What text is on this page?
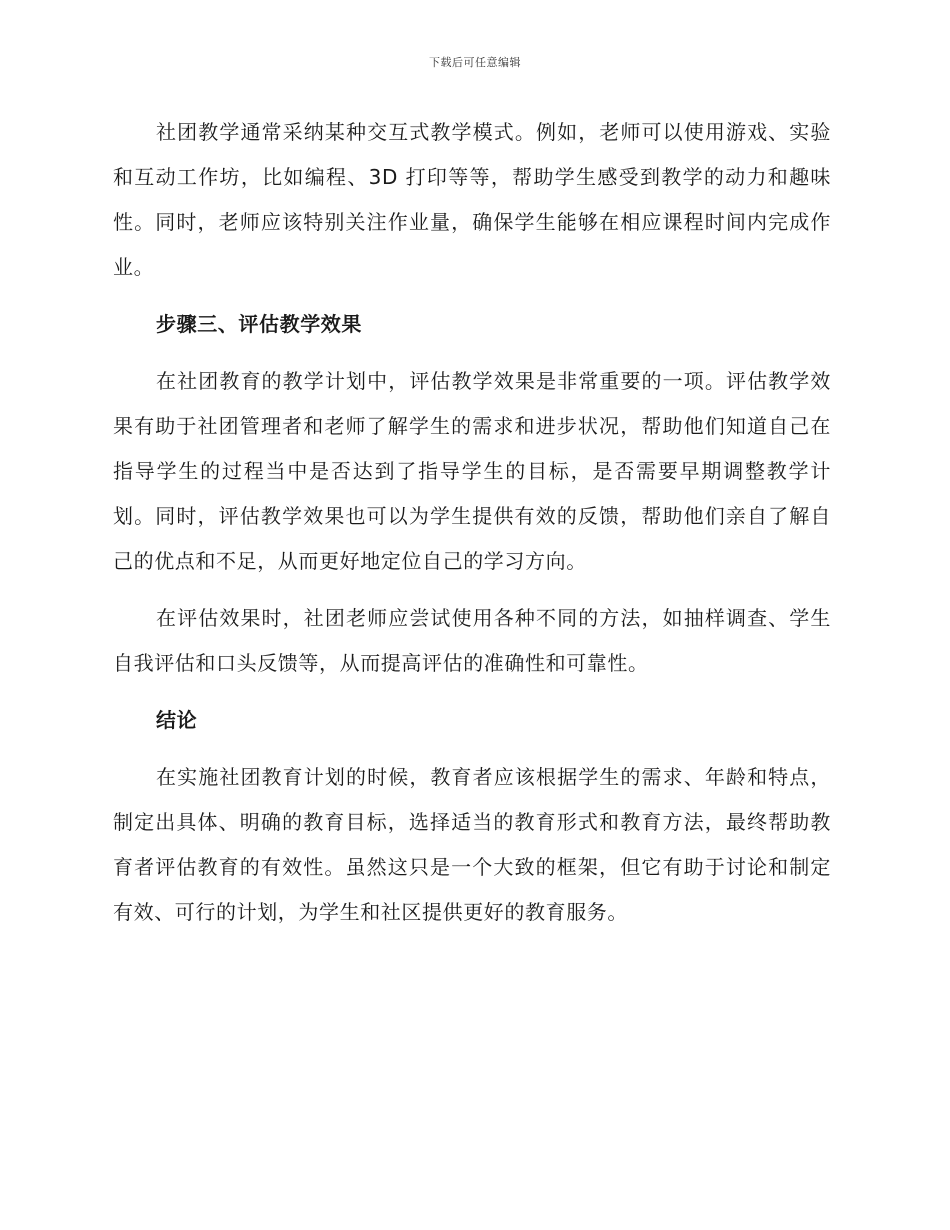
下载后可任意编辑

社团教学通常采纳某种交互式教学模式。例如，老师可以使用游戏、实验和互动工作坊，比如编程、3D 打印等等，帮助学生感受到教学的动力和趣味性。同时，老师应该特别关注作业量，确保学生能够在相应课程时间内完成作业。

步骤三、评估教学效果

在社团教育的教学计划中，评估教学效果是非常重要的一项。评估教学效果有助于社团管理者和老师了解学生的需求和进步状况，帮助他们知道自己在指导学生的过程当中是否达到了指导学生的目标，是否需要早期调整教学计划。同时，评估教学效果也可以为学生提供有效的反馈，帮助他们亲自了解自己的优点和不足，从而更好地定位自己的学习方向。

在评估效果时，社团老师应尝试使用各种不同的方法，如抽样调查、学生自我评估和口头反馈等，从而提高评估的准确性和可靠性。

结论

在实施社团教育计划的时候，教育者应该根据学生的需求、年龄和特点，制定出具体、明确的教育目标，选择适当的教育形式和教育方法，最终帮助教育者评估教育的有效性。虽然这只是一个大致的框架，但它有助于讨论和制定有效、可行的计划，为学生和社区提供更好的教育服务。
